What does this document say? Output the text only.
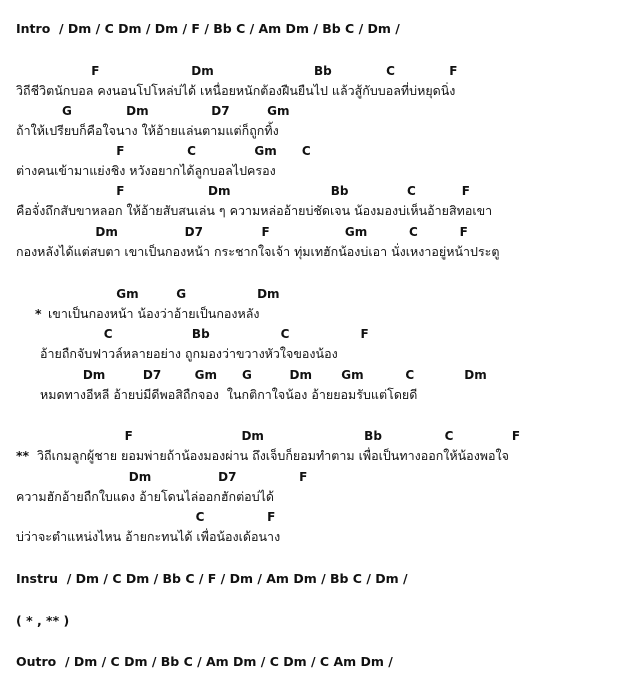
Intro  / Dm / C Dm / Dm / F / Bb C / Am Dm / Bb C / Dm /
F                      Dm                        Bb             C             F
วิถีชีวิตนักบอล คงนอนโปโหล่บ่ได้ เหนื่อยหนักต้องฝืนยืนไป แล้วสู้กับบอลที่บ่หยุดนิ่ง
G             Dm               D7         Gm
ถ้าให้เปรียบก็คือใจนาง ให้อ้ายแล่นตามแต่ก็ถูกทิ้ง
F               C              Gm      C
ต่างคนเข้ามาแย่งชิง หวังอยากได้ลูกบอลไปครอง
F                    Dm                        Bb              C           F
คือจั่งถึกสับขาหลอก ให้อ้ายสับสนเล่น ๆ ความหล่ออ้ายบ่ชัดเจน น้องมองบ่เห็นอ้ายสิทอเขา
Dm                D7              F                  Gm          C          F
กองหลังได้แต่สบตา เขาเป็นกองหน้า กระชากใจเจ้า ทุ่มเทฮักน้องบ่เอา นั่งเหงาอยู่หน้าประตู
Gm         G                 Dm
* เขาเป็นกองหน้า น้องว่าอ้ายเป็นกองหลัง
C                   Bb                 C                 F
อ้ายถืกจับฟาวล์หลายอย่าง ถูกมองว่าขวางหัวใจของน้อง
Dm         D7        Gm      G         Dm       Gm          C            Dm
หมดทางอีหลี อ้ายบ่มีดีพอสิถืกจอง  ในกติกาใจน้อง อ้ายยอมรับแต่โดยดี
F                          Dm                        Bb               C              F
** วิถีเกมลูกผู้ชาย ยอมพ่ายถ้าน้องมองผ่าน ถึงเจ็บก็ยอมทำตาม เพื่อเป็นทางออกให้น้องพอใจ
Dm                D7               F
ความฮักอ้ายถืกใบแดง อ้ายโดนไล่ออกฮักต่อบ่ได้
C               F
บ่ว่าจะตำแหน่งไหน อ้ายกะทนได้ เพื่อน้องเด้อนาง
Instru  / Dm / C Dm / Bb C / F / Dm / Am Dm / Bb C / Dm /
( * , ** )
Outro  / Dm / C Dm / Bb C / Am Dm / C Dm / C Am Dm /
